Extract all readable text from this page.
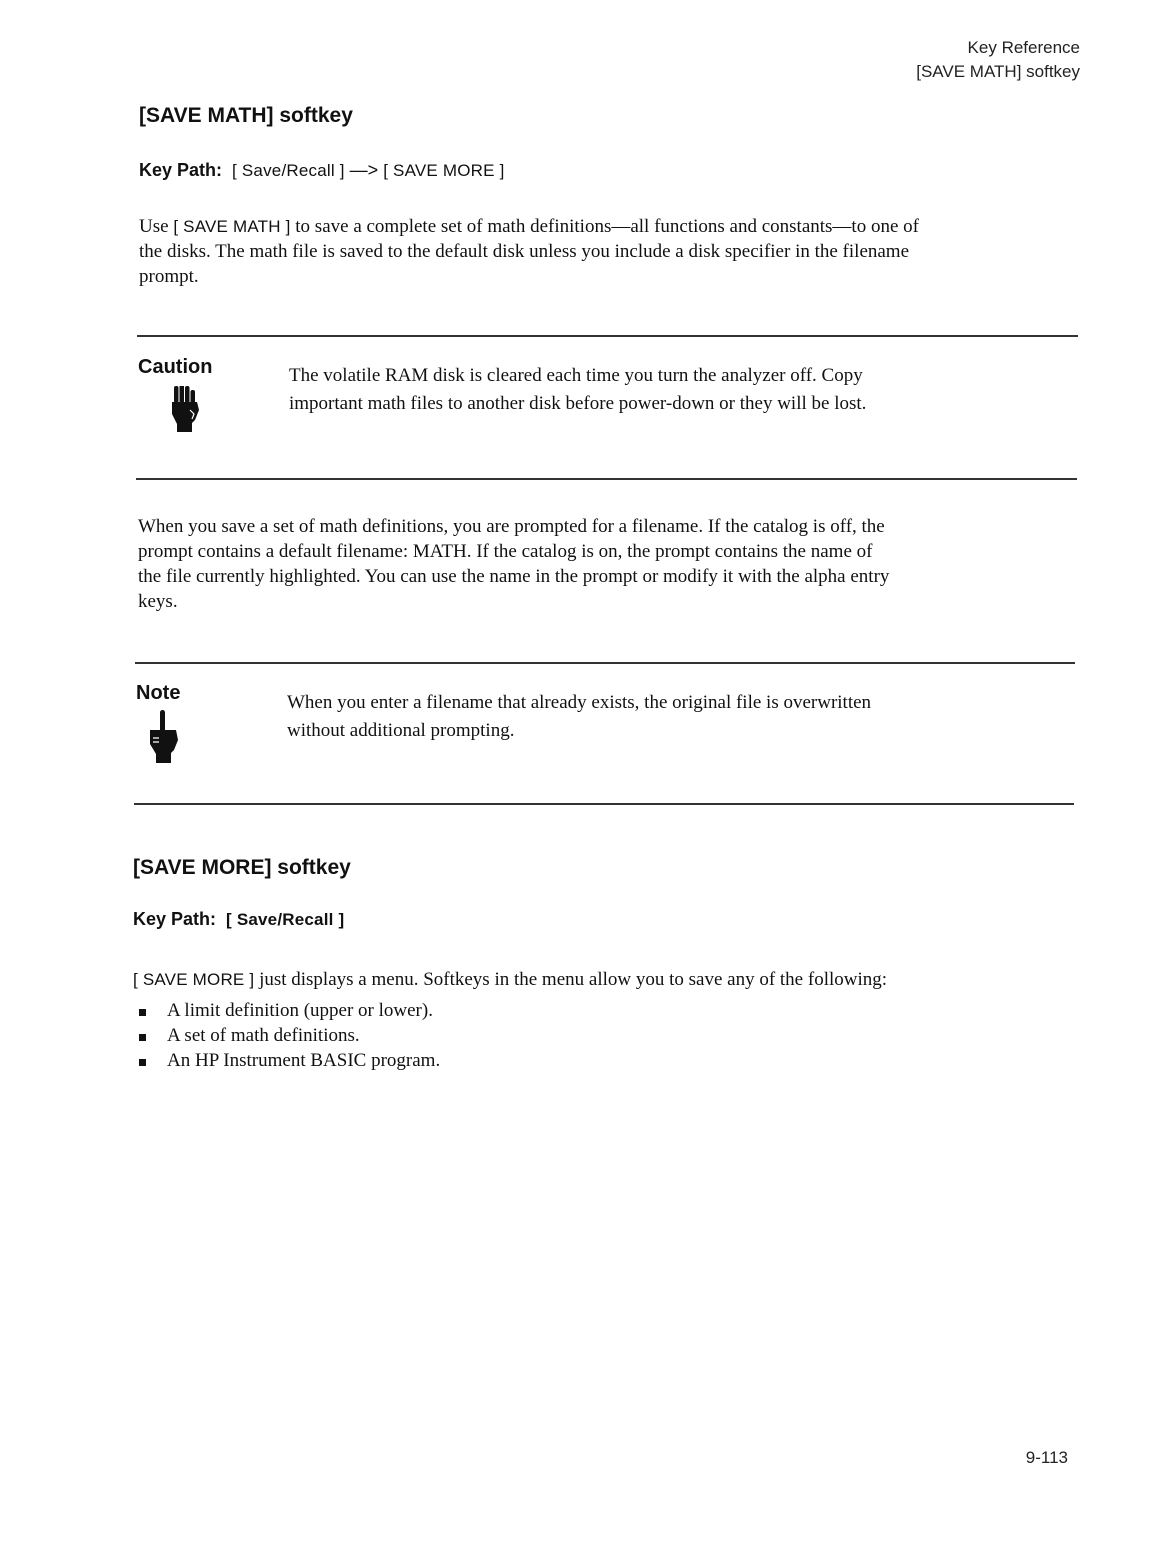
Key Reference
[SAVE MATH] softkey
[SAVE MATH] softkey
Key Path: [ Save/Recall ] —> [ SAVE MORE ]
Use [ SAVE MATH ] to save a complete set of math definitions—all functions and constants—to one of
the disks. The math file is saved to the default disk unless you include a disk specifier in the filename
prompt.
Caution	The volatile RAM disk is cleared each time you turn the analyzer off. Copy
important math files to another disk before power-down or they will be lost.
When you save a set of math definitions, you are prompted for a filename. If the catalog is off, the
prompt contains a default filename: MATH. If the catalog is on, the prompt contains the name of
the file currently highlighted. You can use the name in the prompt or modify it with the alpha entry
keys.
Note	When you enter a filename that already exists, the original file is overwritten
without additional prompting.
[SAVE MORE] softkey
Key Path: [ Save/Recall ]
[ SAVE MORE ] just displays a menu. Softkeys in the menu allow you to save any of the following:
A limit definition (upper or lower).
A set of math definitions.
An HP Instrument BASIC program.
9-113
